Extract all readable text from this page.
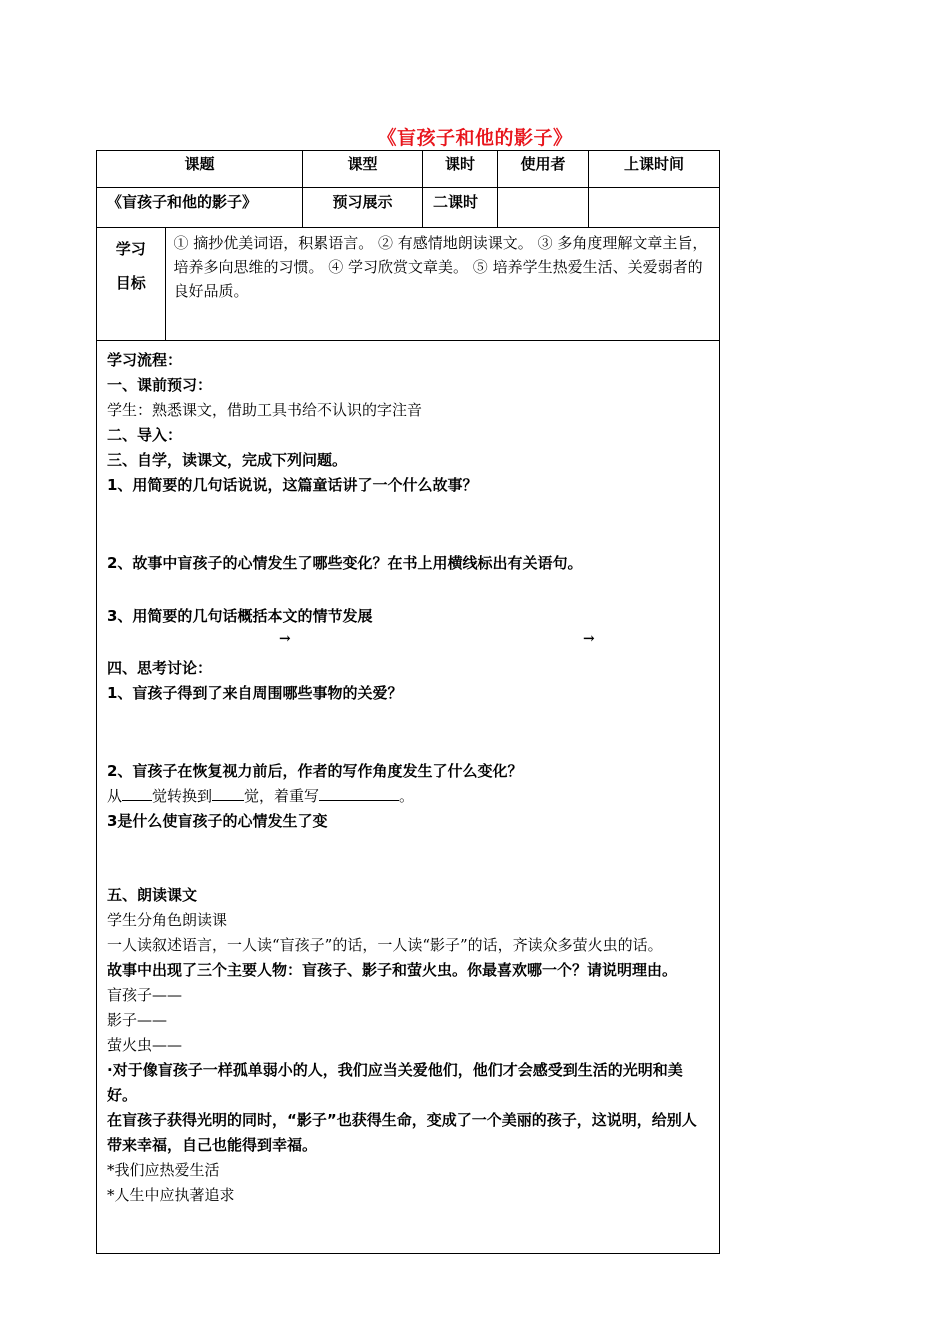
《盲孩子和他的影子》
课题	课型	课时	使用者	上课时间
《盲孩子和他的影子》	预习展示	二课时		

学习
目标
	① 摘抄优美词语，积累语言。 ② 有感情地朗读课文。 ③ 多角度理解文章主旨，培养多向思维的习惯。 ④ 学习欣赏文章美。 ⑤ 培养学生热爱生活、关爱弱者的良好品质。

学习流程：

一、课前预习：

学生：熟悉课文，借助工具书给不认识的字注音

二、导入：

三、自学，读课文，完成下列问题。

1、用简要的几句话说说，这篇童话讲了一个什么故事？

2、故事中盲孩子的心情发生了哪些变化？在书上用横线标出有关语句。

3、用简要的几句话概括本文的情节发展

→	→

四、思考讨论：

1、盲孩子得到了来自周围哪些事物的关爱？

2、盲孩子在恢复视力前后，作者的写作角度发生了什么变化？

从 觉转换到 觉，着重写	。

3是什么使盲孩子的心情发生了变

五、朗读课文

学生分角色朗读课

一人读叙述语言，一人读“盲孩子”的话，一人读“影子”的话，齐读众多萤火虫的话。

故事中出现了三个主要人物：盲孩子、影子和萤火虫。你最喜欢哪一个？请说明理由。

盲孩子——

影子——

萤火虫——

·对于像盲孩子一样孤单弱小的人，我们应当关爱他们，他们才会感受到生活的光明和美好。

在盲孩子获得光明的同时，“影子”也获得生命，变成了一个美丽的孩子，这说明，给别人带来幸福，自己也能得到幸福。

*我们应热爱生活

*人生中应执著追求
